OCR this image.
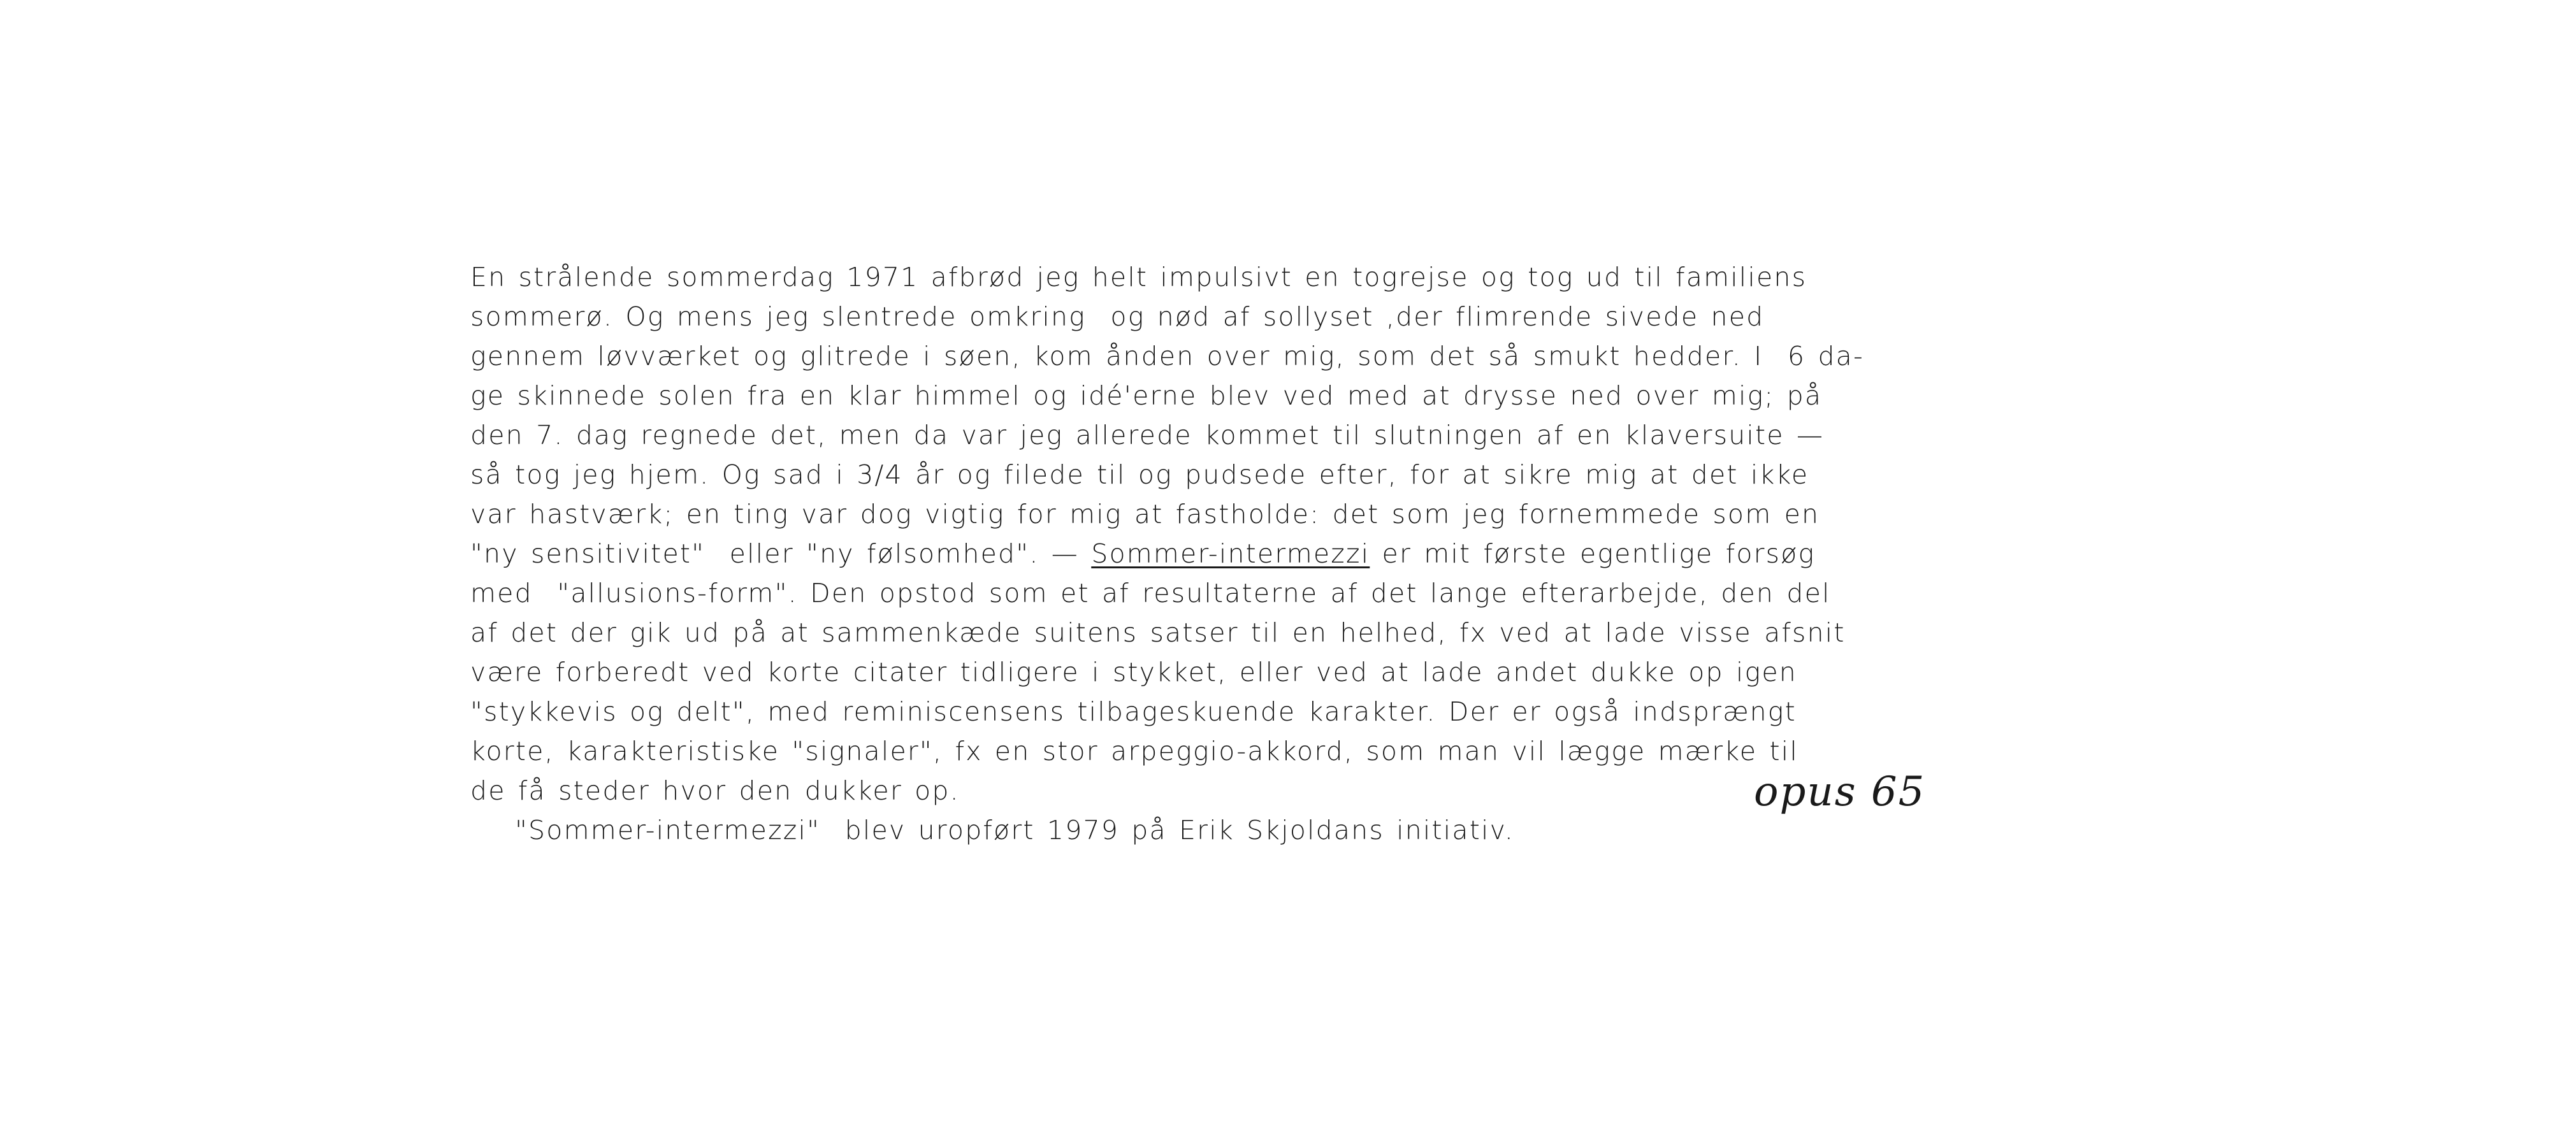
En strålende sommerdag 1971 afbrød jeg helt impulsivt en togrejse og tog ud til familiens
sommerø. Og mens jeg slentrede omkring  og nød af sollyset ,der flimrende sivede ned
gennem løvværket og glitrede i søen, kom ånden over mig, som det så smukt hedder. I  6 da-
ge skinnede solen fra en klar himmel og idé'erne blev ved med at drysse ned over mig; på
den 7. dag regnede det, men da var jeg allerede kommet til slutningen af en klaversuite —
så tog jeg hjem. Og sad i 3/4 år og filede til og pudsede efter, for at sikre mig at det ikke
var hastværk; en ting var dog vigtig for mig at fastholde: det som jeg fornemmede som en
"ny sensitivitet"  eller "ny følsomhed". — Sommer-intermezzi er mit første egentlige forsøg
med  "allusions-form". Den opstod som et af resultaterne af det lange efterarbejde, den del
af det der gik ud på at sammenkæde suitens satser til en helhed, fx ved at lade visse afsnit
være forberedt ved korte citater tidligere i stykket, eller ved at lade andet dukke op igen
"stykkevis og delt", med reminiscensens tilbageskuende karakter. Der er også indsprængt
korte, karakteristiske "signaler", fx en stor arpeggio-akkord, som man vil lægge mærke til
de få steder hvor den dukker op.
"Sommer-intermezzi"  blev uropført 1979 på Erik Skjoldans initiativ.
opus 65
